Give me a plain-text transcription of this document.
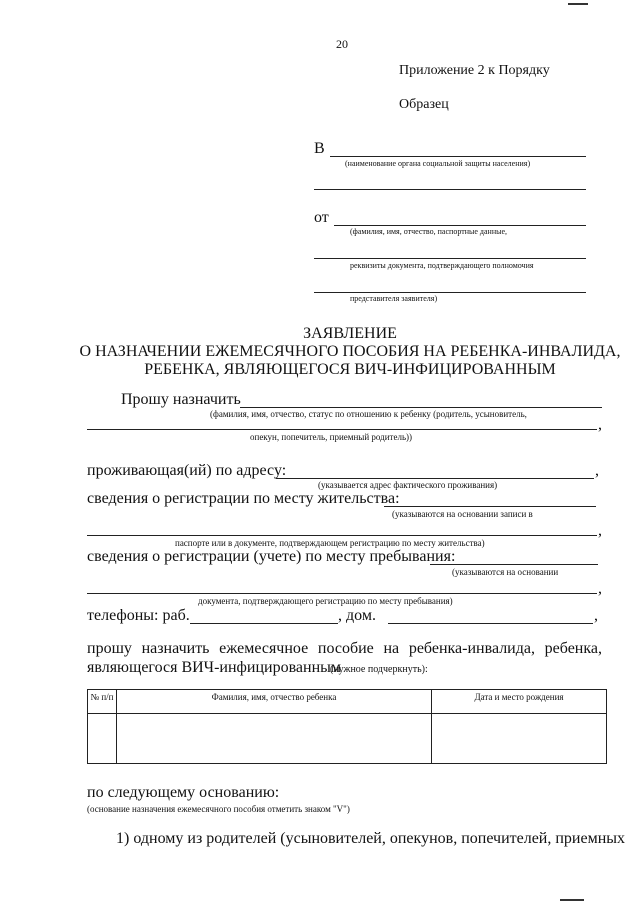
20
Приложение 2 к Порядку
Образец
В
(наименование органа социальной защиты населения)
от
(фамилия, имя, отчество, паспортные данные,
реквизиты документа, подтверждающего полномочия
представителя заявителя)
ЗАЯВЛЕНИЕ
О НАЗНАЧЕНИИ ЕЖЕМЕСЯЧНОГО ПОСОБИЯ НА РЕБЕНКА-ИНВАЛИДА,
РЕБЕНКА, ЯВЛЯЮЩЕГОСЯ ВИЧ-ИНФИЦИРОВАННЫМ
Прошу назначить
(фамилия, имя, отчество, статус по отношению к ребенку (родитель, усыновитель,
,
опекун, попечитель, приемный родитель))
проживающая(ий) по адресу:	,
(указывается адрес фактического проживания)
сведения о регистрации по месту жительства:
(указываются на основании записи в
,
паспорте или в документе, подтверждающем регистрацию по месту жительства)
сведения о регистрации (учете) по месту пребывания:
(указываются на основании
,
документа, подтверждающего регистрацию по месту пребывания)
телефоны: раб.	, дом.	,
прошу назначить ежемесячное пособие на ребенка-инвалида, ребенка,
являющегося ВИЧ-инфицированным
(нужное подчеркнуть):
№ п/п	Фамилия, имя, отчество ребенка	Дата и место рождения

по следующему основанию:
(основание назначения ежемесячного пособия отметить знаком "V")
1) одному из родителей (усыновителей, опекунов, попечителей, приемных
